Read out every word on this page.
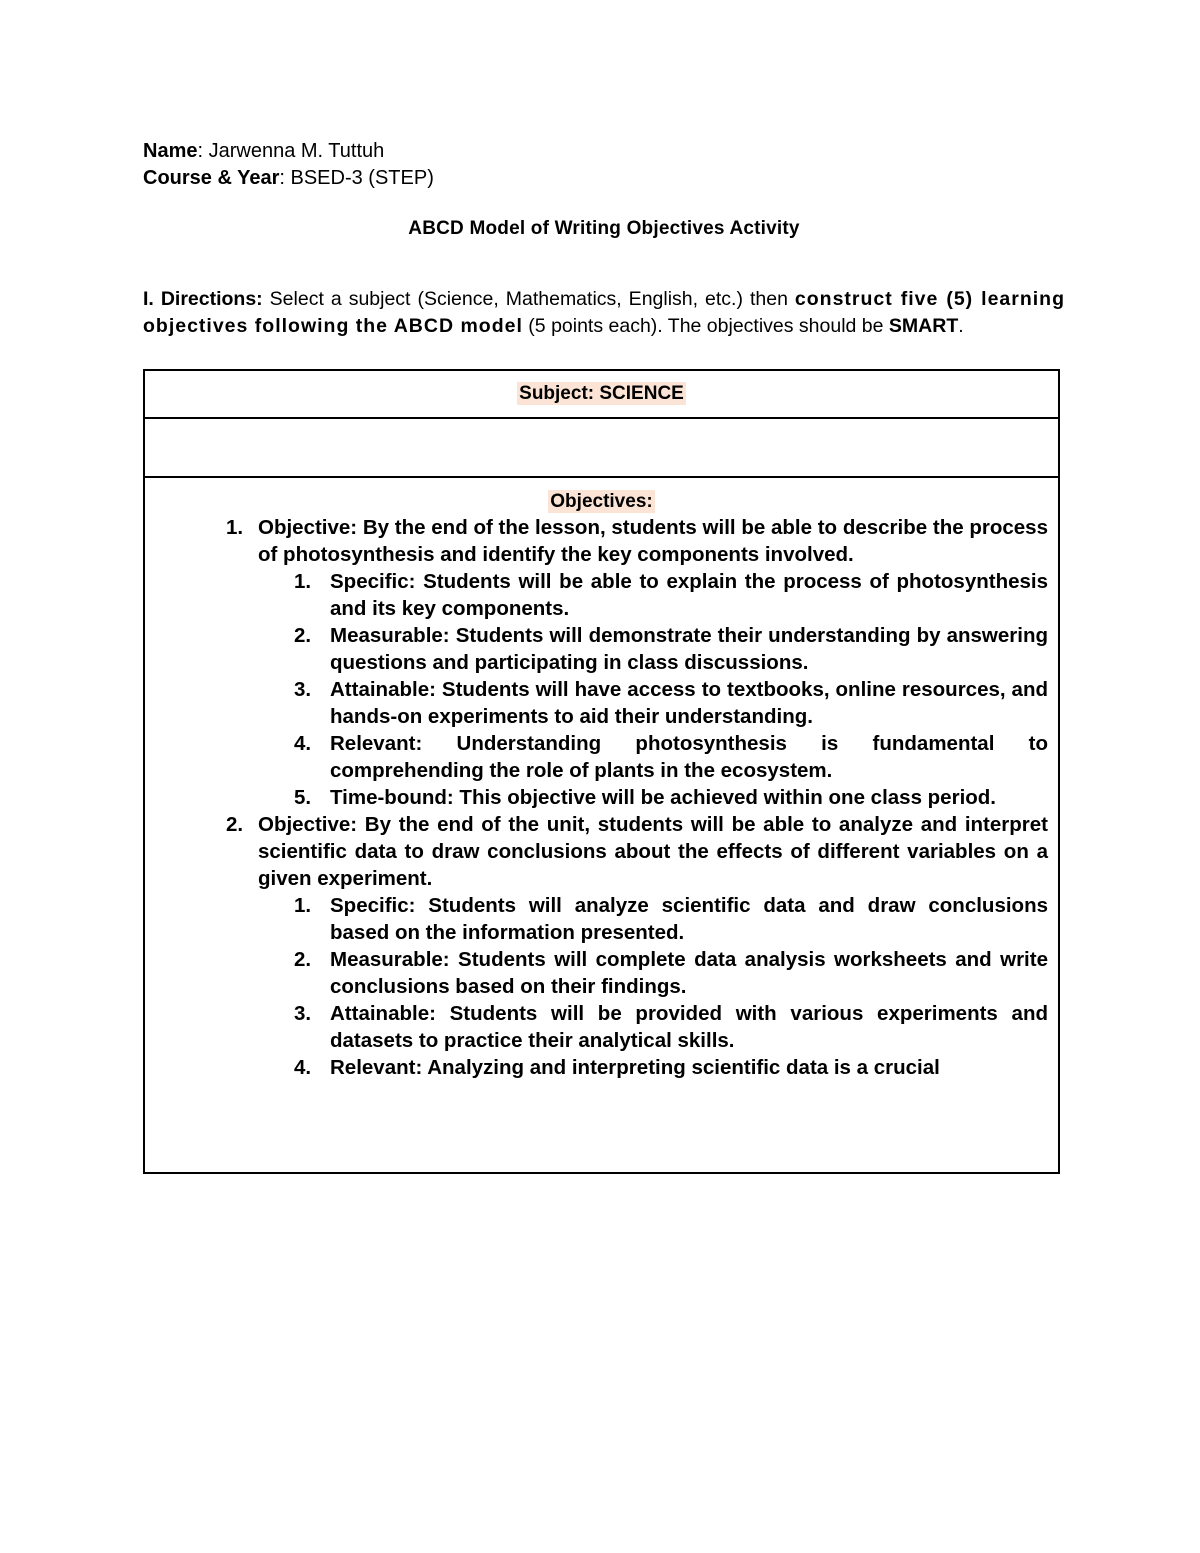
Name: Jarwenna M. Tuttuh
Course & Year: BSED-3 (STEP)
ABCD Model of Writing Objectives Activity
I. Directions: Select a subject (Science, Mathematics, English, etc.) then construct five (5) learning objectives following the ABCD model (5 points each). The objectives should be SMART.
Subject: SCIENCE

Objectives:
1. Objective: By the end of the lesson, students will be able to describe the process of photosynthesis and identify the key components involved.
1. Specific: Students will be able to explain the process of photosynthesis and its key components.
2. Measurable: Students will demonstrate their understanding by answering questions and participating in class discussions.
3. Attainable: Students will have access to textbooks, online resources, and hands-on experiments to aid their understanding.
4. Relevant: Understanding photosynthesis is fundamental to comprehending the role of plants in the ecosystem.
5. Time-bound: This objective will be achieved within one class period.
2. Objective: By the end of the unit, students will be able to analyze and interpret scientific data to draw conclusions about the effects of different variables on a given experiment.
1. Specific: Students will analyze scientific data and draw conclusions based on the information presented.
2. Measurable: Students will complete data analysis worksheets and write conclusions based on their findings.
3. Attainable: Students will be provided with various experiments and datasets to practice their analytical skills.
4. Relevant: Analyzing and interpreting scientific data is a crucial
